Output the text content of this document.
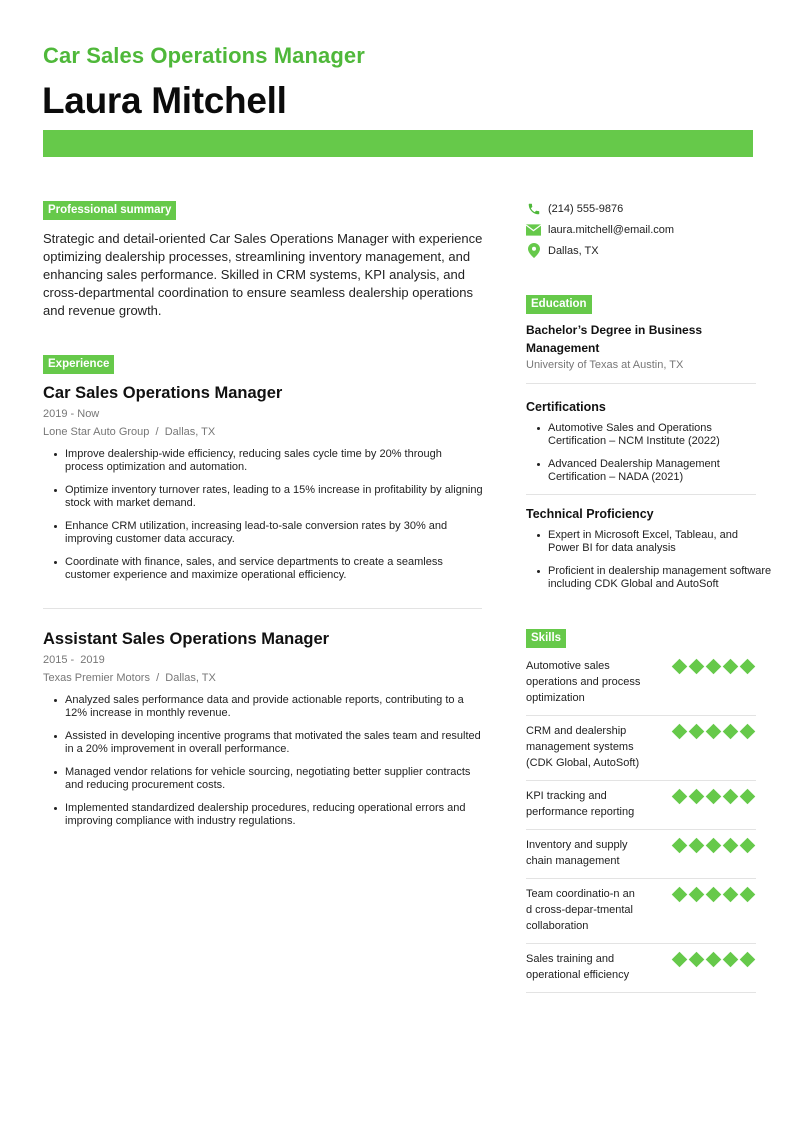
Car Sales Operations Manager
Laura Mitchell
Professional summary

Strategic and detail-oriented Car Sales Operations Manager with experience optimizing dealership processes, streamlining inventory management, and enhancing sales performance. Skilled in CRM systems, KPI analysis, and cross-departmental coordination to ensure seamless dealership operations and revenue growth.

Experience
Car Sales Operations Manager
2019 - Now
Lone Star Auto Group  /  Dallas, TX
Improve dealership-wide efficiency, reducing sales cycle time by 20% through process optimization and automation.
Optimize inventory turnover rates, leading to a 15% increase in profitability by aligning stock with market demand.
Enhance CRM utilization, increasing lead-to-sale conversion rates by 30% and improving customer data accuracy.
Coordinate with finance, sales, and service departments to create a seamless customer experience and maximize operational efficiency.
Assistant Sales Operations Manager
2015 -  2019
Texas Premier Motors  /  Dallas, TX
Analyzed sales performance data and provide actionable reports, contributing to a 12% increase in monthly revenue.
Assisted in developing incentive programs that motivated the sales team and resulted in a 20% improvement in overall performance.
Managed vendor relations for vehicle sourcing, negotiating better supplier contracts and reducing procurement costs.
Implemented standardized dealership procedures, reducing operational errors and improving compliance with industry regulations.
(214) 555-9876
laura.mitchell@email.com
Dallas, TX
Education
Bachelor’s Degree in Business Management
University of Texas at Austin, TX
Certifications
Automotive Sales and Operations Certification – NCM Institute (2022)
Advanced Dealership Management Certification – NADA (2021)
Technical Proficiency
Expert in Microsoft Excel, Tableau, and Power BI for data analysis
Proficient in dealership management software including CDK Global and AutoSoft
Skills
Automotive sales operations and process optimization
CRM and dealership management systems (CDK Global, AutoSoft)
KPI tracking and performance reporting
Inventory and supply chain management
Team coordinatio-n and cross-depar-tmental collaboration
Sales training and operational efficiency
